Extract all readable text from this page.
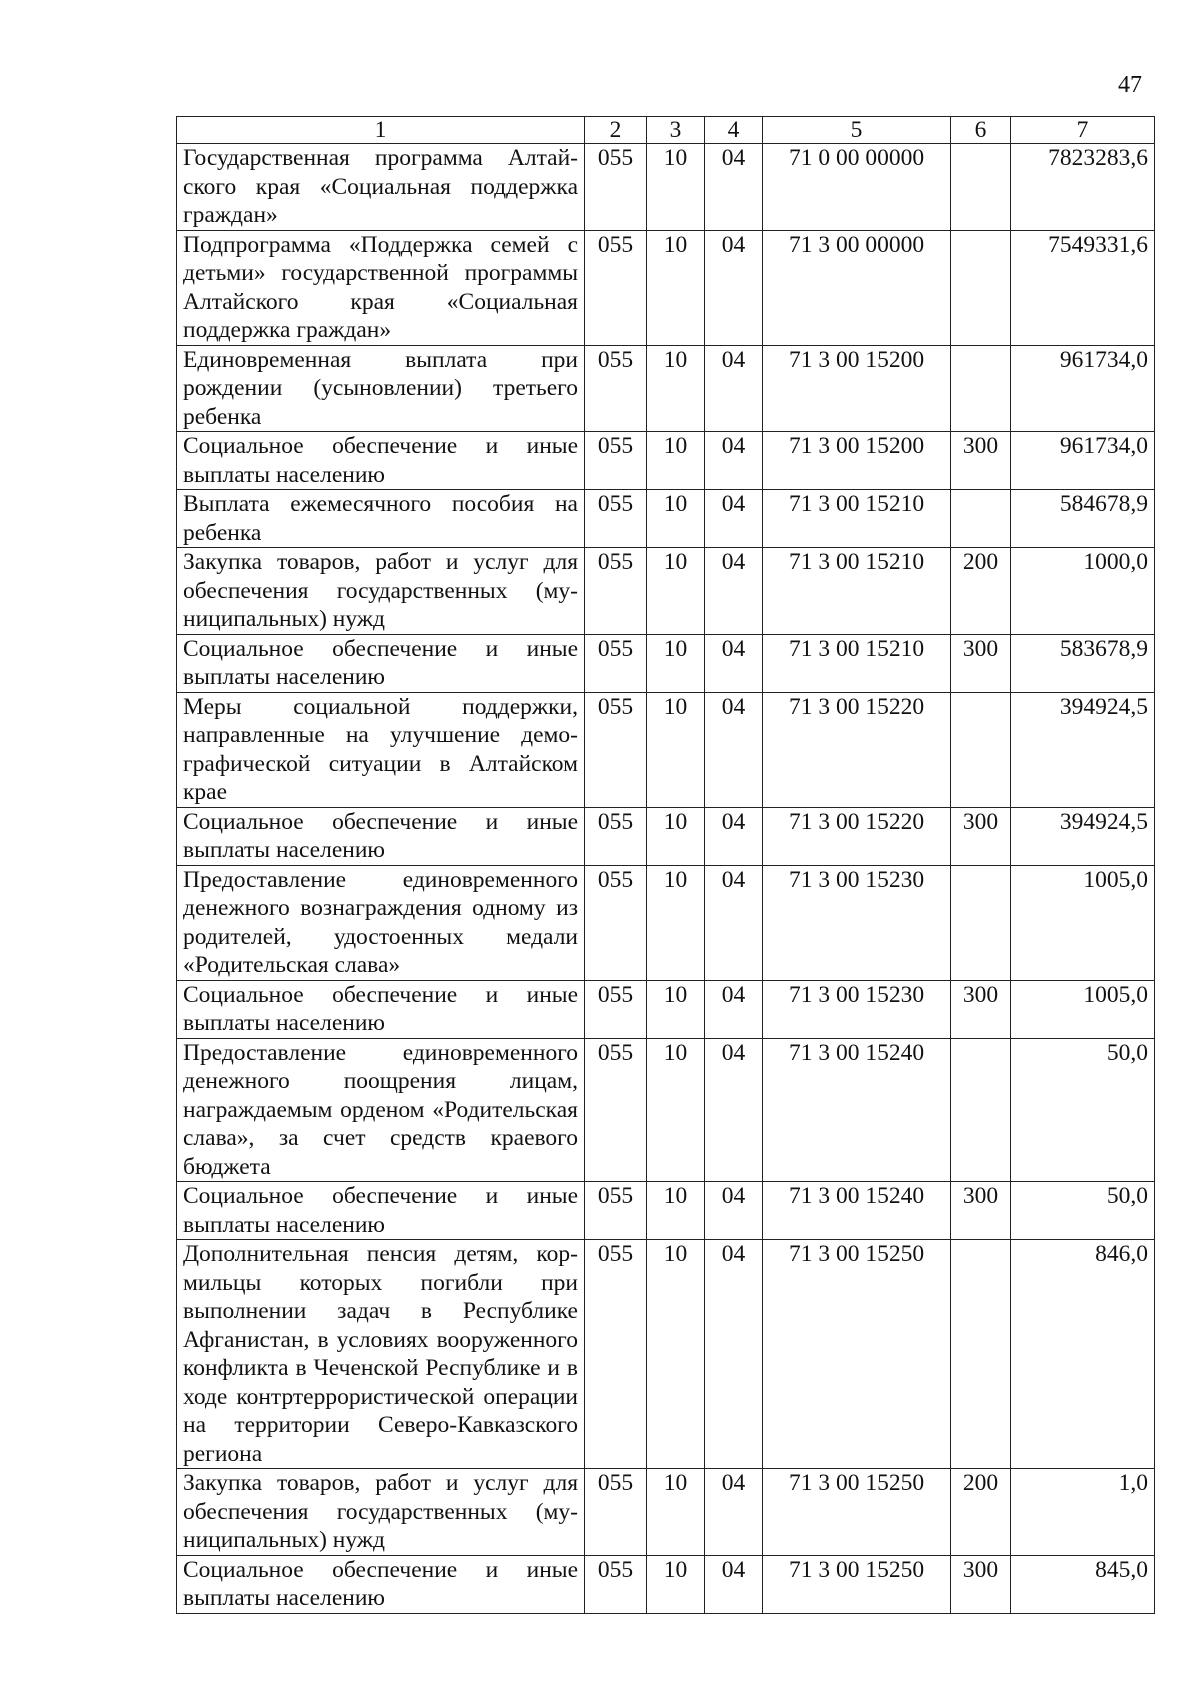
47
1	2	3	4	5	6	7
Государственная программа Алтайского края «Социальная поддержка граждан»	055	10	04	71 0 00 00000		7823283,6
Подпрограмма «Поддержка семей с детьми» государственной программы Алтайского края «Социальная поддержка граждан»	055	10	04	71 3 00 00000		7549331,6
Единовременная выплата при рождении (усыновлении) третьего ребенка	055	10	04	71 3 00 15200		961734,0
Социальное обеспечение и иные выплаты населению	055	10	04	71 3 00 15200	300	961734,0
Выплата ежемесячного пособия на ребенка	055	10	04	71 3 00 15210		584678,9
Закупка товаров, работ и услуг для обеспечения государственных (муниципальных) нужд	055	10	04	71 3 00 15210	200	1000,0
Социальное обеспечение и иные выплаты населению	055	10	04	71 3 00 15210	300	583678,9
Меры социальной поддержки, направленные на улучшение демографической ситуации в Алтайском крае	055	10	04	71 3 00 15220		394924,5
Социальное обеспечение и иные выплаты населению	055	10	04	71 3 00 15220	300	394924,5
Предоставление единовременного денежного вознаграждения одному из родителей, удостоенных медали «Родительская слава»	055	10	04	71 3 00 15230		1005,0
Социальное обеспечение и иные выплаты населению	055	10	04	71 3 00 15230	300	1005,0
Предоставление единовременного денежного поощрения лицам, награждаемым орденом «Родительская слава», за счет средств краевого бюджета	055	10	04	71 3 00 15240		50,0
Социальное обеспечение и иные выплаты населению	055	10	04	71 3 00 15240	300	50,0
Дополнительная пенсия детям, кормильцы которых погибли при выполнении задач в Республике Афганистан, в условиях вооруженного конфликта в Чеченской Республике и в ходе контртеррористической операции на территории Северо-Кавказского региона	055	10	04	71 3 00 15250		846,0
Закупка товаров, работ и услуг для обеспечения государственных (муниципальных) нужд	055	10	04	71 3 00 15250	200	1,0
Социальное обеспечение и иные выплаты населению	055	10	04	71 3 00 15250	300	845,0
